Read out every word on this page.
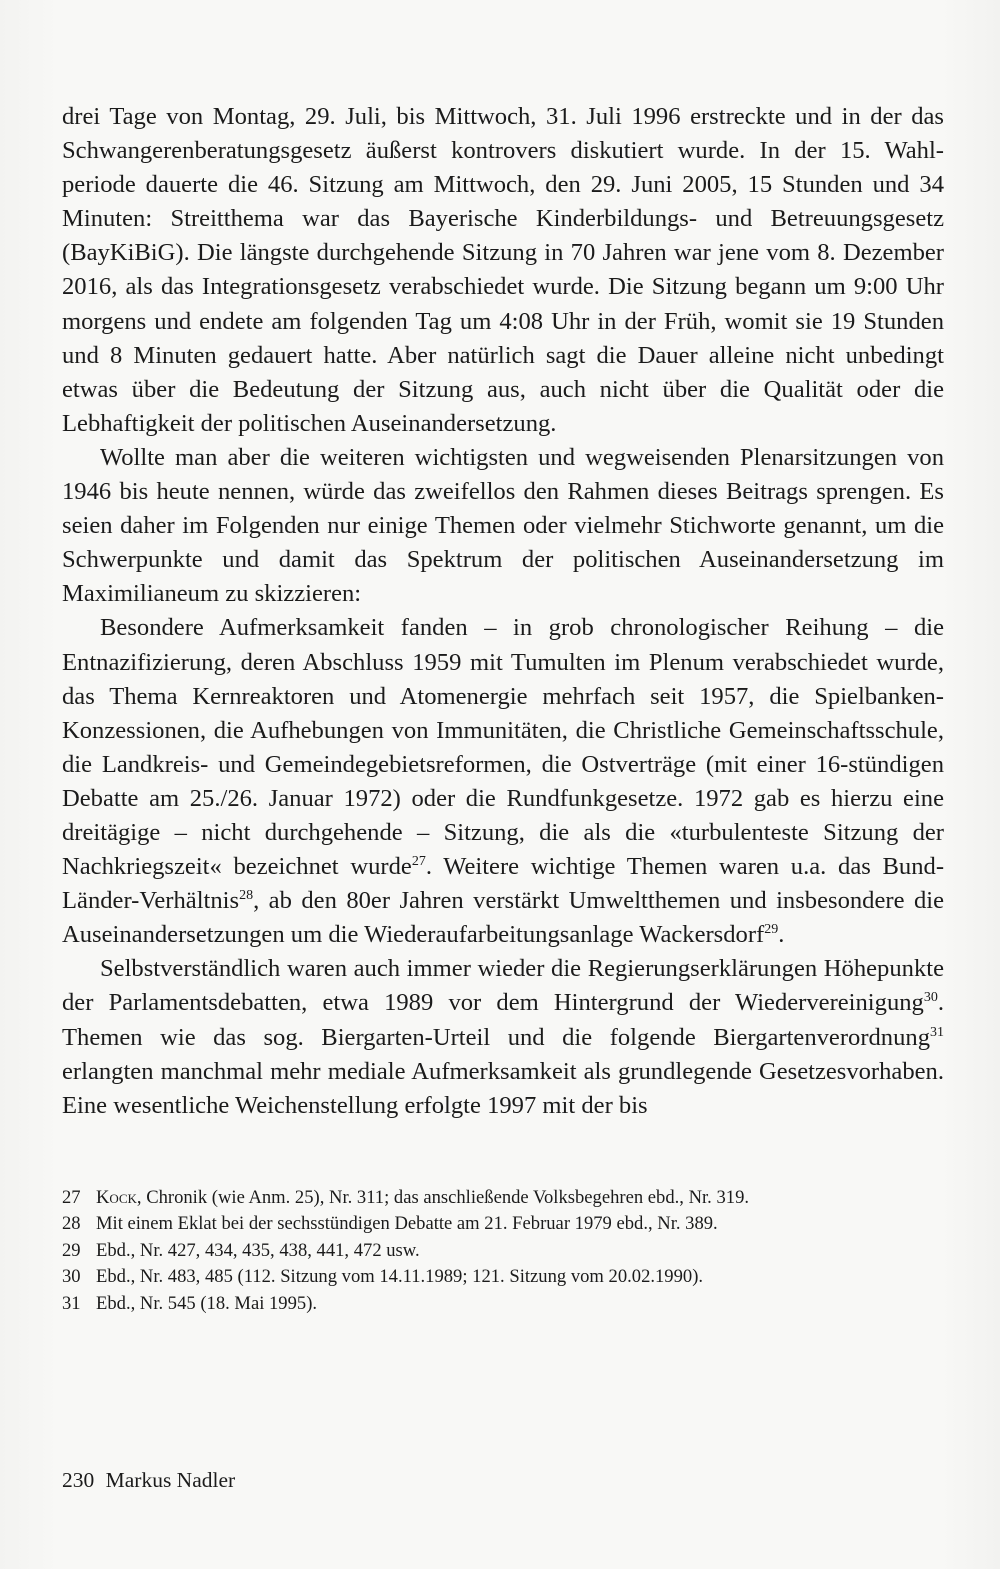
drei Tage von Montag, 29. Juli, bis Mittwoch, 31. Juli 1996 erstreckte und in der das Schwangerenberatungsgesetz äußerst kontrovers diskutiert wurde. In der 15. Wahlperiode dauerte die 46. Sitzung am Mittwoch, den 29. Juni 2005, 15 Stunden und 34 Minuten: Streitthema war das Bayerische Kinderbildungs- und Betreuungsgesetz (BayKiBiG). Die längste durchgehende Sitzung in 70 Jahren war jene vom 8. Dezember 2016, als das Integrationsgesetz verabschiedet wurde. Die Sitzung begann um 9:00 Uhr morgens und endete am folgenden Tag um 4:08 Uhr in der Früh, womit sie 19 Stunden und 8 Minuten gedauert hatte. Aber natürlich sagt die Dauer alleine nicht unbedingt etwas über die Bedeutung der Sitzung aus, auch nicht über die Qualität oder die Lebhaftigkeit der politischen Auseinandersetzung.

Wollte man aber die weiteren wichtigsten und wegweisenden Plenarsitzungen von 1946 bis heute nennen, würde das zweifellos den Rahmen dieses Beitrags sprengen. Es seien daher im Folgenden nur einige Themen oder vielmehr Stichworte genannt, um die Schwerpunkte und damit das Spektrum der politischen Auseinandersetzung im Maximilianeum zu skizzieren:

Besondere Aufmerksamkeit fanden – in grob chronologischer Reihung – die Entnazifizierung, deren Abschluss 1959 mit Tumulten im Plenum verabschiedet wurde, das Thema Kernreaktoren und Atomenergie mehrfach seit 1957, die Spielbanken-Konzessionen, die Aufhebungen von Immunitäten, die Christliche Gemeinschaftsschule, die Landkreis- und Gemeindegebietsreformen, die Ostverträge (mit einer 16-stündigen Debatte am 25./26. Januar 1972) oder die Rundfunkgesetze. 1972 gab es hierzu eine dreitägige – nicht durchgehende – Sitzung, die als die «turbulenteste Sitzung der Nachkriegszeit« bezeichnet wurde$^{27}$. Weitere wichtige Themen waren u.a. das Bund-Länder-Verhältnis$^{28}$, ab den 80er Jahren verstärkt Umweltthemen und insbesondere die Auseinandersetzungen um die Wiederaufarbeitungsanlage Wackersdorf$^{29}$.

Selbstverständlich waren auch immer wieder die Regierungserklärungen Höhepunkte der Parlamentsdebatten, etwa 1989 vor dem Hintergrund der Wiedervereinigung$^{30}$. Themen wie das sog. Biergarten-Urteil und die folgende Biergartenverordnung$^{31}$ erlangten manchmal mehr mediale Aufmerksamkeit als grundlegende Gesetzesvorhaben. Eine wesentliche Weichenstellung erfolgte 1997 mit der bis

27 Kock, Chronik (wie Anm. 25), Nr. 311; das anschließende Volksbegehren ebd., Nr. 319.
28 Mit einem Eklat bei der sechsstündigen Debatte am 21. Februar 1979 ebd., Nr. 389.
29 Ebd., Nr. 427, 434, 435, 438, 441, 472 usw.
30 Ebd., Nr. 483, 485 (112. Sitzung vom 14.11.1989; 121. Sitzung vom 20.02.1990).
31 Ebd., Nr. 545 (18. Mai 1995).
230 Markus Nadler
